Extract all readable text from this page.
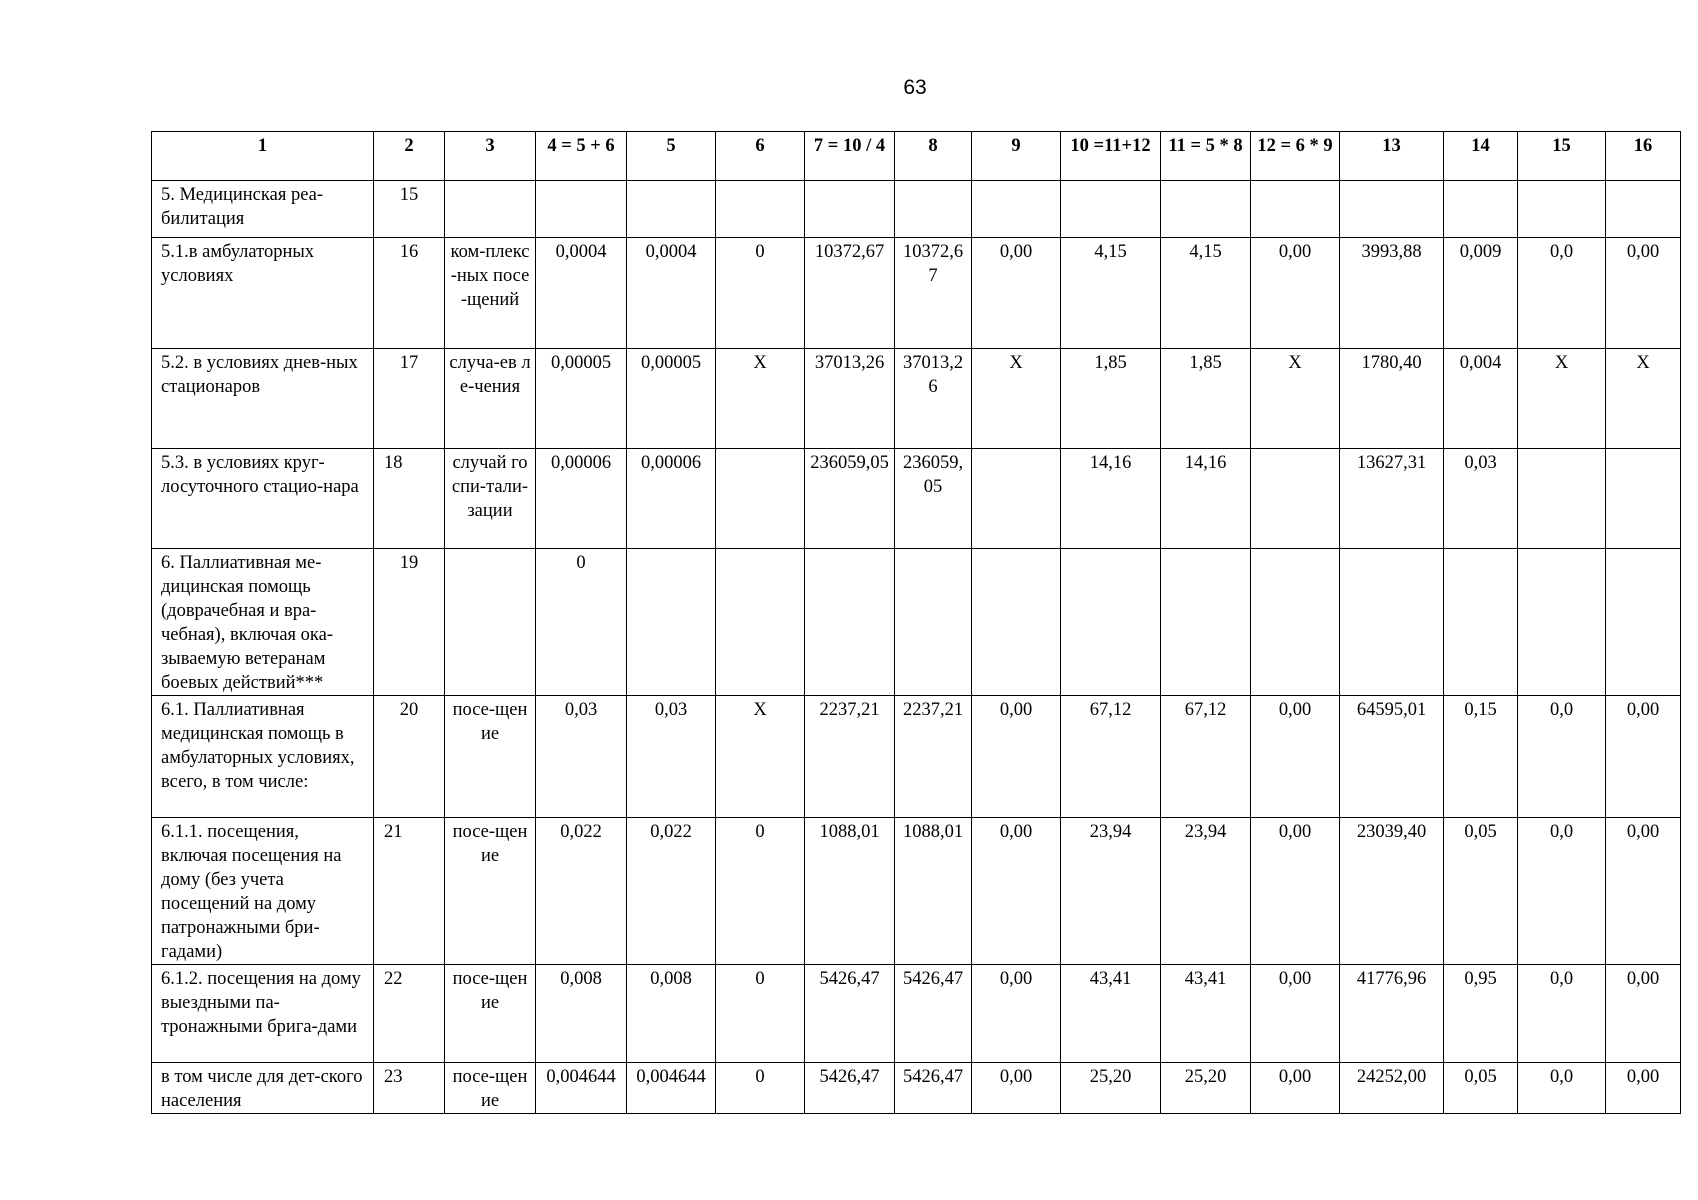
63
1	2	3	4 = 5 + 6	5	6	7 = 10 / 4	8	9	10 =11+12	11 = 5 * 8	12 = 6 * 9	13	14	15	16
5. Медицинская реа-билитация	15														
5.1.в амбулаторных условиях	16	ком-плекс-ных посе-щений	0,0004	0,0004	0	10372,67	10372,67	0,00	4,15	4,15	0,00	3993,88	0,009	0,0	0,00
5.2. в условиях днев-ных стационаров	17	случа-ев ле-чения	0,00005	0,00005	Х	37013,26	37013,26	Х	1,85	1,85	Х	1780,40	0,004	Х	Х
5.3. в условиях круг-лосуточного стацио-нара	18	случай госпи-тали-зации	0,00006	0,00006		236059,05	236059,05		14,16	14,16		13627,31	0,03		
6. Паллиативная ме-дицинская помощь (доврачебная и вра-чебная), включая ока-зываемую ветеранам боевых действий***	19		0												
6.1. Паллиативная медицинская помощь в амбулаторных условиях, всего, в том числе:	20	посе-щение	0,03	0,03	Х	2237,21	2237,21	0,00	67,12	67,12	0,00	64595,01	0,15	0,0	0,00
6.1.1. посещения, включая посещения на дому (без учета посещений на дому патронажными бри-гадами)	21	посе-щение	0,022	0,022	0	1088,01	1088,01	0,00	23,94	23,94	0,00	23039,40	0,05	0,0	0,00
6.1.2. посещения на дому выездными па-тронажными брига-дами	22	посе-щение	0,008	0,008	0	5426,47	5426,47	0,00	43,41	43,41	0,00	41776,96	0,95	0,0	0,00
в том числе для дет-ского населения	23	посе-щение	0,004644	0,004644	0	5426,47	5426,47	0,00	25,20	25,20	0,00	24252,00	0,05	0,0	0,00
